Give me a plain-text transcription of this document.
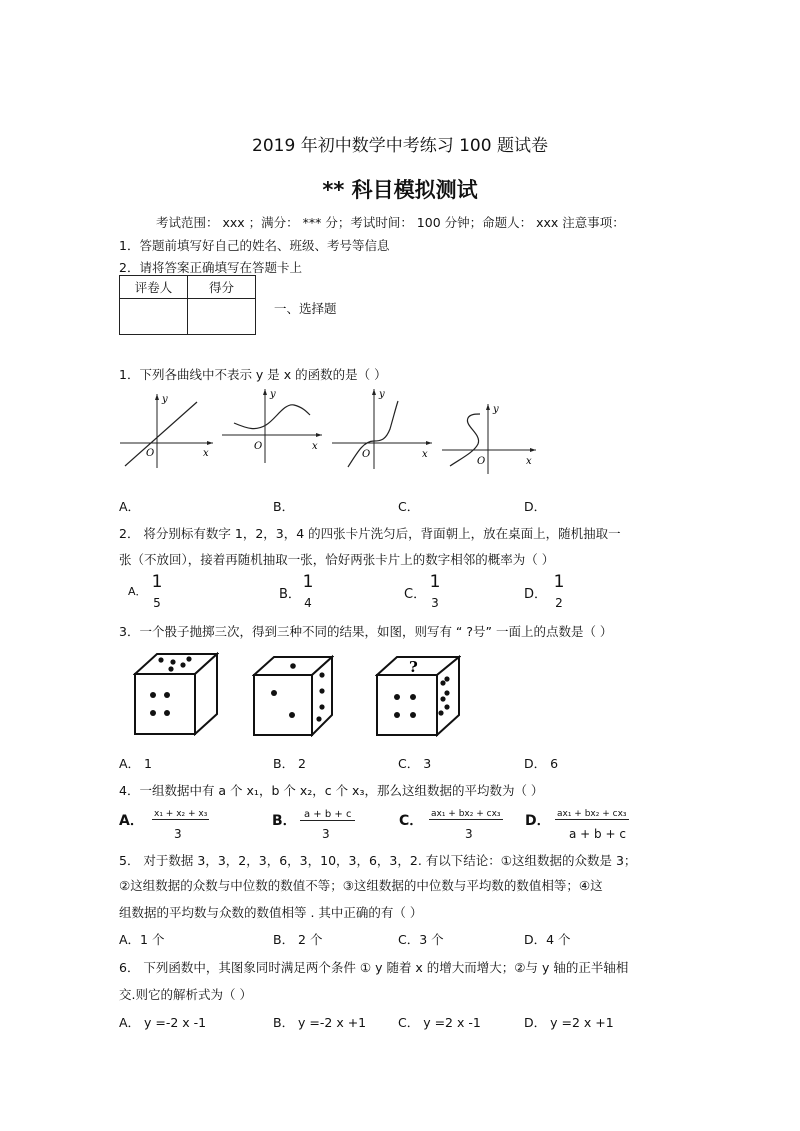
2019 年初中数学中考练习 100 题试卷
** 科目模拟测试
考试范围： xxx ；满分： *** 分；考试时间： 100 分钟；命题人： xxx 注意事项：
1．答题前填写好自己的姓名、班级、考号等信息
2．请将答案正确填写在答题卡上
评卷人	得分

一、选择题
1．下列各曲线中不表示 y 是 x 的函数的是（ ）
y
x
O
y
x
O
y
x
O
y
x
O
A．	B．	C．	D．
2． 将分别标有数字 1，2，3，4 的四张卡片洗匀后，背面朝上，放在桌面上，随机抽取一
张（不放回），接着再随机抽取一张，恰好两张卡片上的数字相邻的概率为（ ）
A． 1
5
B．
1
4
C．
1
3
D．
1
2
3．一个骰子抛掷三次，得到三种不同的结果，如图，则写有 “ ?号” 一面上的点数是（ ）
?
A． 1	B． 2	C． 3	D． 6
4．一组数据中有 a 个 x₁，b 个 x₂，c 个 x₃，那么这组数据的平均数为（ ）
A． x₁ + x₂ + x₃
3
B． a + b + c
3
C． ax₁ + bx₂ + cx₃
3
D． ax₁ + bx₂ + cx₃
a + b + c
5． 对于数据 3，3，2，3，6，3，10，3，6，3，2. 有以下结论：①这组数据的众数是 3；
②这组数据的众数与中位数的数值不等；③这组数据的中位数与平均数的数值相等；④这
组数据的平均数与众数的数值相等 . 其中正确的有（ ）
A．1 个	B． 2 个	C．3 个	D．4 个
6． 下列函数中，其图象同时满足两个条件 ① y 随着 x 的增大而增大；②与 y 轴的正半轴相
交.则它的解析式为（ ）
A． y =-2 x -1	B． y =-2 x +1	C． y =2 x -1	D． y =2 x +1
